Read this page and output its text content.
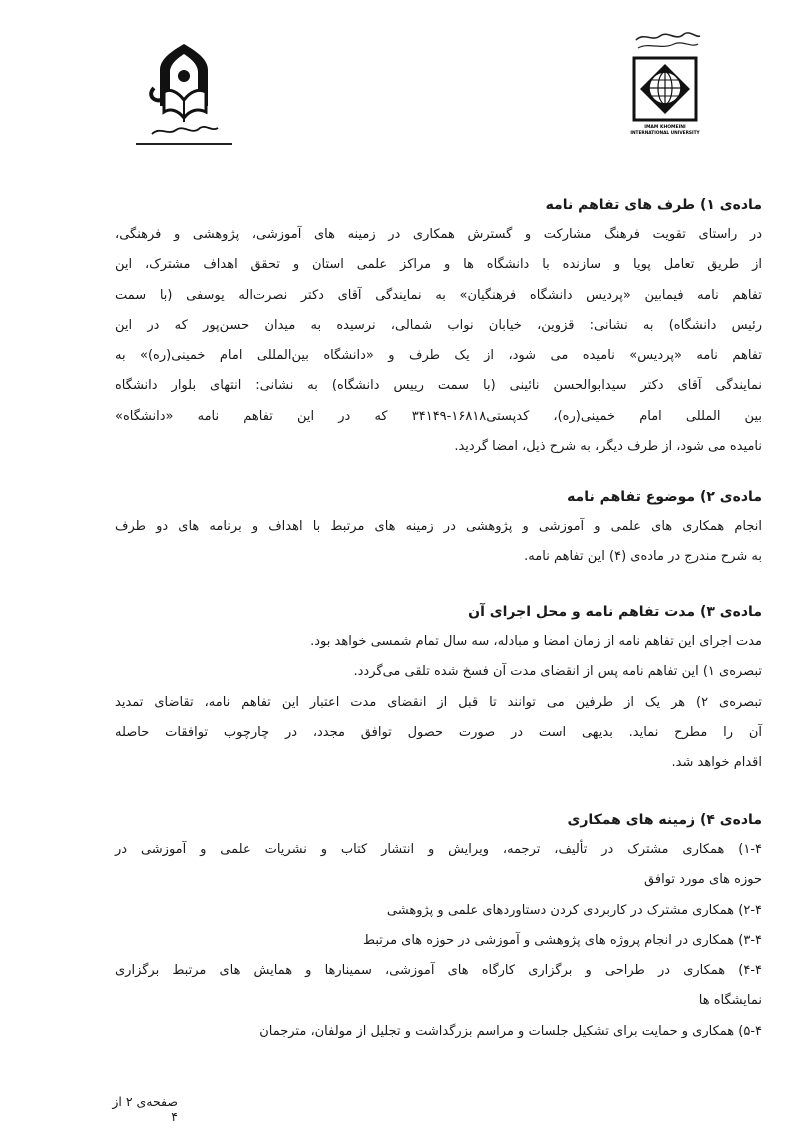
IMAM KHOMEINI
INTERNATIONAL UNIVERSITY
ماده‌ی ۱) طرف های تفاهم نامه
در راستای تقویت فرهنگ مشارکت و گسترش همکاری در زمینه های آموزشی، پژوهشی و فرهنگی،
از طریق تعامل پویا و سازنده با دانشگاه ها و مراکز علمی استان و تحقق اهداف مشترک، این
تفاهم نامه فیمابین «پردیس دانشگاه فرهنگیان» به نمایندگی آقای دکتر نصرت‌اله یوسفی (با سمت
رئیس دانشگاه) به نشانی: قزوین، خیابان نواب شمالی، نرسیده به میدان حسن‌پور که در این
تفاهم نامه «پردیس» نامیده می شود، از یک طرف و «دانشگاه بین‌المللی امام خمینی(ره)» به
نمایندگی آقای دکتر سیدابوالحسن نائینی (با سمت رییس دانشگاه) به نشانی: انتهای بلوار دانشگاه
بین المللی امام خمینی(ره)، کدپستی۱۶۸۱۸-۳۴۱۴۹ که در این تفاهم نامه «دانشگاه»
نامیده می شود، از طرف دیگر، به شرح ذیل، امضا گردید.
ماده‌ی ۲) موضوع تفاهم نامه
انجام همکاری های علمی و آموزشی و پژوهشی در زمینه های مرتبط با اهداف و برنامه های دو طرف
به شرح مندرج در ماده‌ی (۴) این تفاهم نامه.
ماده‌ی ۳) مدت تفاهم نامه و محل اجرای آن
مدت اجرای این تفاهم نامه از زمان امضا و مبادله، سه سال تمام شمسی خواهد بود.
تبصره‌ی ۱) این تفاهم نامه پس از انقضای مدت آن فسخ شده تلقی می‌گردد.
تبصره‌ی ۲) هر یک از طرفین می توانند تا قبل از انقضای مدت اعتبار این تفاهم نامه، تقاضای تمدید
آن را مطرح نماید. بدیهی است در صورت حصول توافق مجدد، در چارچوب توافقات حاصله
اقدام خواهد شد.
ماده‌ی ۴) زمینه های همکاری
۱-۴) همکاری مشترک در تألیف، ترجمه، ویرایش و انتشار کتاب و نشریات علمی و آموزشی در
حوزه های مورد توافق
۲-۴) همکاری مشترک در کاربردی کردن دستاوردهای علمی و پژوهشی
۳-۴) همکاری در انجام پروژه های پژوهشی و آموزشی در حوزه های مرتبط
۴-۴) همکاری در طراحی و برگزاری کارگاه های آموزشی، سمینارها و همایش های مرتبط برگزاری
نمایشگاه ها
۵-۴) همکاری و حمایت برای تشکیل جلسات و مراسم بزرگداشت و تجلیل از مولفان، مترجمان
صفحه‌ی ۲ از ۴
